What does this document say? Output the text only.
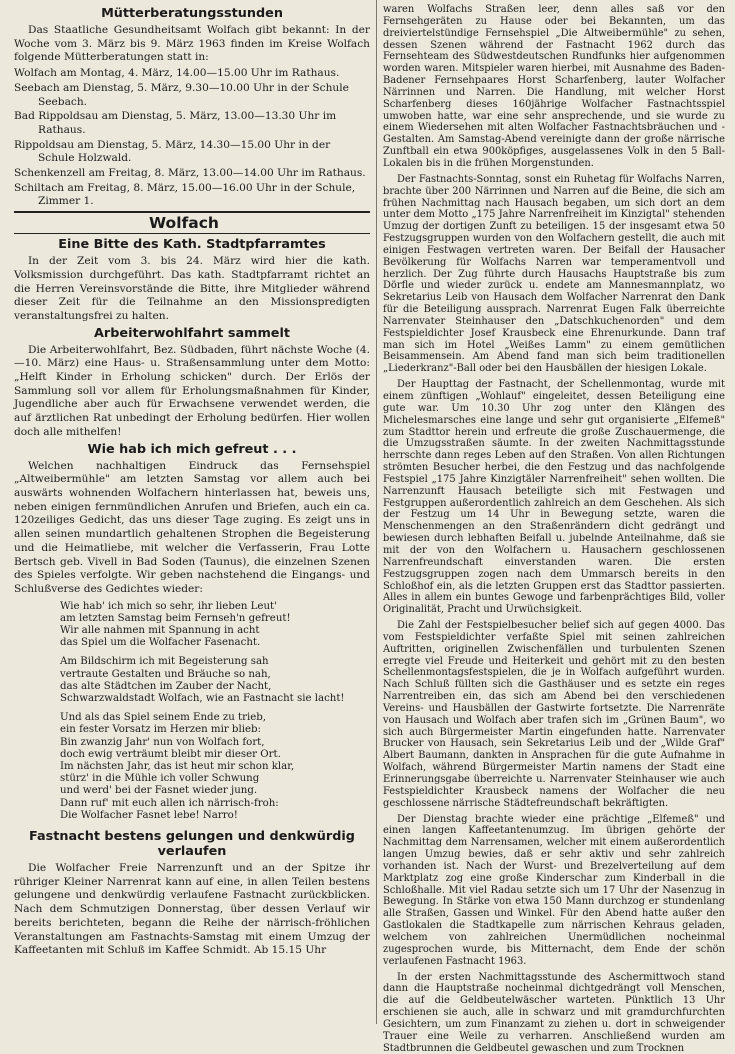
Mütterberatungsstunden

Das Staatliche Gesundheitsamt Wolfach gibt bekannt: In der Woche vom 3. März bis 9. März 1963 finden im Kreise Wolfach folgende Mütterberatungen statt in:

Wolfach am Montag, 4. März, 14.00—15.00 Uhr im Rathaus.
Seebach am Dienstag, 5. März, 9.30—10.00 Uhr in der Schule Seebach.
Bad Rippoldsau am Dienstag, 5. März, 13.00—13.30 Uhr im Rathaus.
Rippoldsau am Dienstag, 5. März, 14.30—15.00 Uhr in der Schule Holzwald.
Schenkenzell am Freitag, 8. März, 13.00—14.00 Uhr im Rathaus.
Schiltach am Freitag, 8. März, 15.00—16.00 Uhr in der Schule, Zimmer 1.
Wolfach
Eine Bitte des Kath. Stadtpfarramtes

In der Zeit vom 3. bis 24. März wird hier die kath. Volksmission durchgeführt. Das kath. Stadtpfarramt richtet an die Herren Vereinsvorstände die Bitte, ihre Mitglieder während dieser Zeit für die Teilnahme an den Missionspredigten veranstaltungsfrei zu halten.

Arbeiterwohlfahrt sammelt

Die Arbeiterwohlfahrt, Bez. Südbaden, führt nächste Woche (4.—10. März) eine Haus- u. Straßensammlung unter dem Motto: „Helft Kinder in Erholung schicken" durch. Der Erlös der Sammlung soll vor allem für Erholungsmaßnahmen für Kinder, Jugendliche aber auch für Erwachsene verwendet werden, die auf ärztlichen Rat unbedingt der Erholung bedürfen. Hier wollen doch alle mithelfen!

Wie hab ich mich gefreut . . .

Welchen nachhaltigen Eindruck das Fernsehspiel „Altweibermühle" am letzten Samstag vor allem auch bei auswärts wohnenden Wolfachern hinterlassen hat, beweis uns, neben einigen fernmündlichen Anrufen und Briefen, auch ein ca. 120zeiliges Gedicht, das uns dieser Tage zuging. Es zeigt uns in allen seinen mundartlich gehaltenen Strophen die Begeisterung und die Heimatliebe, mit welcher die Verfasserin, Frau Lotte Bertsch geb. Vivell in Bad Soden (Taunus), die einzelnen Szenen des Spieles verfolgte. Wir geben nachstehend die Eingangs- und Schlußverse des Gedichtes wieder:

Wie hab' ich mich so sehr, ihr lieben Leut'
am letzten Samstag beim Fernseh'n gefreut!
Wir alle nahmen mit Spannung in acht
das Spiel um die Wolfacher Fasenacht.
Am Bildschirm ich mit Begeisterung sah
vertraute Gestalten und Bräuche so nah,
das alte Städtchen im Zauber der Nacht,
Schwarzwaldstadt Wolfach, wie an Fastnacht sie lacht!
Und als das Spiel seinem Ende zu trieb,
ein fester Vorsatz im Herzen mir blieb:
Bin zwanzig Jahr' nun von Wolfach fort,
doch ewig verträumt bleibt mir dieser Ort.
Im nächsten Jahr, das ist heut mir schon klar,
stürz' in die Mühle ich voller Schwung
und werd' bei der Fasnet wieder jung.
Dann ruf' mit euch allen ich närrisch-froh:
Die Wolfacher Fasnet lebe! Narro!
Fastnacht bestens gelungen und denkwürdig verlaufen

Die Wolfacher Freie Narrenzunft und an der Spitze ihr rühriger Kleiner Narrenrat kann auf eine, in allen Teilen bestens gelungene und denkwürdig verlaufene Fastnacht zurückblicken. Nach dem Schmutzigen Donnerstag, über dessen Verlauf wir bereits berichteten, begann die Reihe der närrisch-fröhlichen Veranstaltungen am Fastnachts-Samstag mit einem Umzug der Kaffeetanten mit Schluß im Kaffee Schmidt. Ab 15.15 Uhr

waren Wolfachs Straßen leer, denn alles saß vor den Fernsehgeräten zu Hause oder bei Bekannten, um das dreiviertelstündige Fernsehspiel „Die Altweibermühle" zu sehen, dessen Szenen während der Fastnacht 1962 durch das Fernsehteam des Südwestdeutschen Rundfunks hier aufgenommen worden waren. Mitspieler waren hierbei, mit Ausnahme des Baden-Badener Fernsehpaares Horst Scharfenberg, lauter Wolfacher Närrinnen und Narren. Die Handlung, mit welcher Horst Scharfenberg dieses 160jährige Wolfacher Fastnachtsspiel umwoben hatte, war eine sehr ansprechende, und sie wurde zu einem Wiedersehen mit alten Wolfacher Fastnachtsbräuchen und -Gestalten. Am Samstag-Abend vereinigte dann der große närrische Zunftball ein etwa 900köpfiges, ausgelassenes Volk in den 5 Ball-Lokalen bis in die frühen Morgenstunden.

Der Fastnachts-Sonntag, sonst ein Ruhetag für Wolfachs Narren, brachte über 200 Närrinnen und Narren auf die Beine, die sich am frühen Nachmittag nach Hausach begaben, um sich dort an dem unter dem Motto „175 Jahre Narrenfreiheit im Kinzigtal" stehenden Umzug der dortigen Zunft zu beteiligen. 15 der insgesamt etwa 50 Festzugsgruppen wurden von den Wolfachern gestellt, die auch mit einigen Festwagen vertreten waren. Der Beifall der Hausacher Bevölkerung für Wolfachs Narren war temperamentvoll und herzlich. Der Zug führte durch Hausachs Hauptstraße bis zum Dörfle und wieder zurück u. endete am Mannesmannplatz, wo Sekretarius Leib von Hausach dem Wolfacher Narrenrat den Dank für die Beteiligung aussprach. Narrenrat Eugen Falk überreichte Narrenvater Steinhauser den „Datschkuchenorden" und dem Festspieldichter Josef Krausbeck eine Ehrenurkunde. Dann traf man sich im Hotel „Weißes Lamm" zu einem gemütlichen Beisammensein. Am Abend fand man sich beim traditionellen „Liederkranz"-Ball oder bei den Hausbällen der hiesigen Lokale.

Der Haupttag der Fastnacht, der Schellenmontag, wurde mit einem zünftigen „Wohlauf" eingeleitet, dessen Beteiligung eine gute war. Um 10.30 Uhr zog unter den Klängen des Michelesmarsches eine lange und sehr gut organisierte „Elfemeß" zum Stadttor herein und erfreute die große Zuschauermenge, die die Umzugsstraßen säumte. In der zweiten Nachmittagsstunde herrschte dann reges Leben auf den Straßen. Von allen Richtungen strömten Besucher herbei, die den Festzug und das nachfolgende Festspiel „175 Jahre Kinzigtäler Narrenfreiheit" sehen wollten. Die Narrenzunft Hausach beteiligte sich mit Festwagen und Festgruppen außerordentlich zahlreich an dem Geschehen. Als sich der Festzug um 14 Uhr in Bewegung setzte, waren die Menschenmengen an den Straßenrändern dicht gedrängt und bewiesen durch lebhaften Beifall u. jubelnde Anteilnahme, daß sie mit der von den Wolfachern u. Hausachern geschlossenen Narrenfreundschaft einverstanden waren. Die ersten Festzugsgruppen zogen nach dem Ummarsch bereits in den Schloßhof ein, als die letzten Gruppen erst das Stadttor passierten. Alles in allem ein buntes Gewoge und farbenprächtiges Bild, voller Originalität, Pracht und Urwüchsigkeit.

Die Zahl der Festspielbesucher belief sich auf gegen 4000. Das vom Festspieldichter verfaßte Spiel mit seinen zahlreichen Auftritten, originellen Zwischenfällen und turbulenten Szenen erregte viel Freude und Heiterkeit und gehört mit zu den besten Schellenmontagsfestspielen, die je in Wolfach aufgeführt wurden. Nach Schluß füllten sich die Gasthäuser und es setzte ein reges Narrentreiben ein, das sich am Abend bei den verschiedenen Vereins- und Hausbällen der Gastwirte fortsetzte. Die Narrenräte von Hausach und Wolfach aber trafen sich im „Grünen Baum", wo sich auch Bürgermeister Martin eingefunden hatte. Narrenvater Brucker von Hausach, sein Sekretarius Leib und der „Wilde Graf" Albert Baumann, dankten in Ansprachen für die gute Aufnahme in Wolfach, während Bürgermeister Martin namens der Stadt eine Erinnerungsgabe überreichte u. Narrenvater Steinhauser wie auch Festspieldichter Krausbeck namens der Wolfacher die neu geschlossene närrische Städtefreundschaft bekräftigten.

Der Dienstag brachte wieder eine prächtige „Elfemeß" und einen langen Kaffeetantenumzug. Im übrigen gehörte der Nachmittag dem Narrensamen, welcher mit einem außerordentlich langen Umzug bewies, daß er sehr aktiv und sehr zahlreich vorhanden ist. Nach der Wurst- und Brezelverteilung auf dem Marktplatz zog eine große Kinderschar zum Kinderball in die Schloßhalle. Mit viel Radau setzte sich um 17 Uhr der Nasenzug in Bewegung. In Stärke von etwa 150 Mann durchzog er stundenlang alle Straßen, Gassen und Winkel. Für den Abend hatte außer den Gastlokalen die Stadtkapelle zum närrischen Kehraus geladen, welchem von zahlreichen Unermüdlichen nocheinmal zugesprochen wurde, bis Mitternacht, dem Ende der schön verlaufenen Fastnacht 1963.

In der ersten Nachmittagsstunde des Aschermittwoch stand dann die Hauptstraße nocheinmal dichtgedrängt voll Menschen, die auf die Geldbeutelwäscher warteten. Pünktlich 13 Uhr erschienen sie auch, alle in schwarz und mit gramdurchfurchten Gesichtern, um zum Finanzamt zu ziehen u. dort in schweigender Trauer eine Weile zu verharren. Anschließend wurden am Stadtbrunnen die Geldbeutel gewaschen und zum Trocknen
